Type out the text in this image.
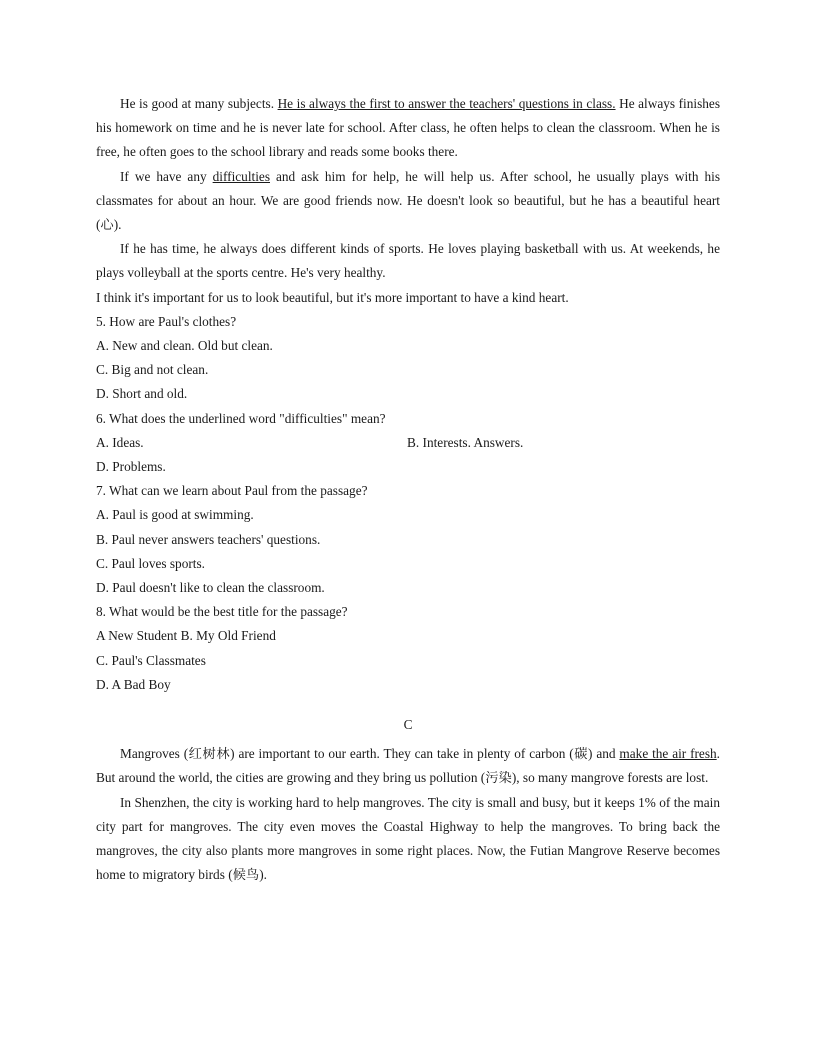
He is good at many subjects. He is always the first to answer the teachers' questions in class. He always finishes his homework on time and he is never late for school. After class, he often helps to clean the classroom. When he is free, he often goes to the school library and reads some books there.

If we have any difficulties and ask him for help, he will help us. After school, he usually plays with his classmates for about an hour. We are good friends now. He doesn't look so beautiful, but he has a beautiful heart (心).

If he has time, he always does different kinds of sports. He loves playing basketball with us. At weekends, he plays volleyball at the sports centre. He's very healthy.

I think it's important for us to look beautiful, but it's more important to have a kind heart.

5. How are Paul's clothes?

A. New and clean. Old but clean.

C. Big and not clean.

D. Short and old.

6. What does the underlined word "difficulties" mean?

A. Ideas.	B. Interests. Answers.

D. Problems.

7. What can we learn about Paul from the passage?

A. Paul is good at swimming.

B. Paul never answers teachers' questions.

C. Paul loves sports.

D. Paul doesn't like to clean the classroom.

8. What would be the best title for the passage?

A New Student B. My Old Friend

C. Paul's Classmates

D. A Bad Boy

C

Mangroves (红树林) are important to our earth. They can take in plenty of carbon (碳) and make the air fresh. But around the world, the cities are growing and they bring us pollution (污染), so many mangrove forests are lost.

In Shenzhen, the city is working hard to help mangroves. The city is small and busy, but it keeps 1% of the main city part for mangroves. The city even moves the Coastal Highway to help the mangroves. To bring back the mangroves, the city also plants more mangroves in some right places. Now, the Futian Mangrove Reserve becomes home to migratory birds (候鸟).
